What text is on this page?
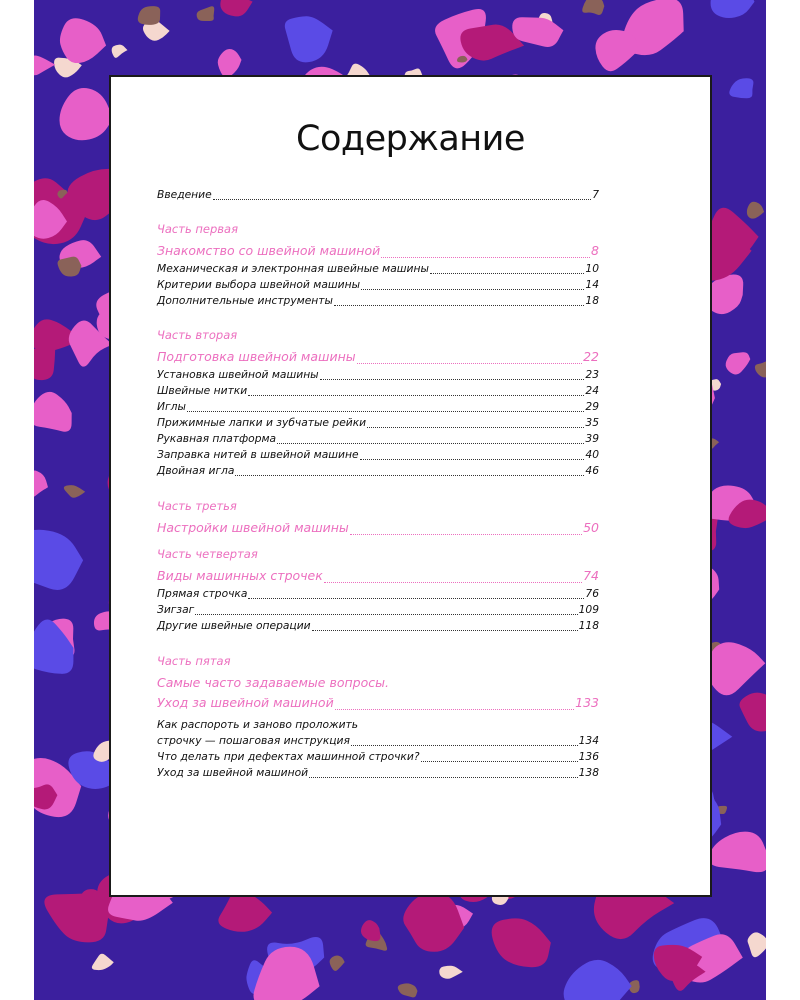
Содержание
Введение	7
Часть первая
Знакомство со швейной машиной	8
Механическая и электронная швейные машины	10
Критерии выбора швейной машины	14
Дополнительные инструменты	18
Часть вторая
Подготовка швейной машины	22
Установка швейной машины	23
Швейные нитки	24
Иглы	29
Прижимные лапки и зубчатые рейки	35
Рукавная платформа	39
Заправка нитей в швейной машине	40
Двойная игла	46
Часть третья
Настройки швейной машины	50
Часть четвертая
Виды машинных строчек	74
Прямая строчка	76
Зигзаг	109
Другие швейные операции	118
Часть пятая
Самые часто задаваемые вопросы.
Уход за швейной машиной	133
Как распороть и заново проложить
строчку — пошаговая инструкция	134
Что делать при дефектах машинной строчки?	136
Уход за швейной машиной	138
